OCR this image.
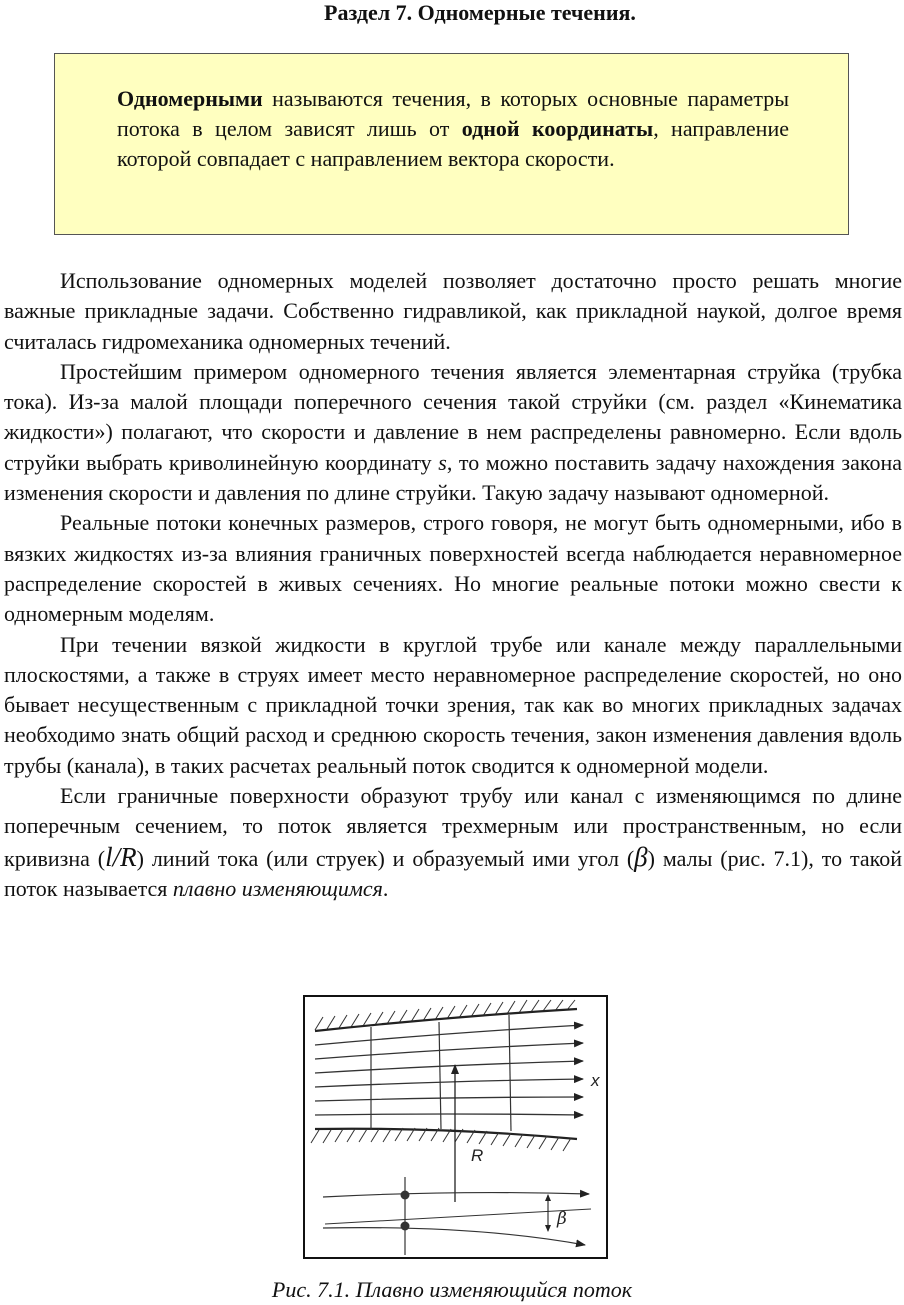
Раздел 7. Одномерные течения.
Одномерными называются течения, в которых основные параметры потока в целом зависят лишь от одной координаты, направление которой совпадает с направлением вектора скорости.

Использование одномерных моделей позволяет достаточно просто решать многие важные прикладные задачи. Собственно гидравликой, как прикладной наукой, долгое время считалась гидромеханика одномерных течений.

Простейшим примером одномерного течения является элементарная струйка (трубка тока). Из-за малой площади поперечного сечения такой струйки (см. раздел «Кинематика жидкости») полагают, что скорости и давление в нем распределены равномерно. Если вдоль струйки выбрать криволинейную координату s, то можно поставить задачу нахождения закона изменения скорости и давления по длине струйки. Такую задачу называют одномерной.

Реальные потоки конечных размеров, строго говоря, не могут быть одномерными, ибо в вязких жидкостях из-за влияния граничных поверхностей всегда наблюдается неравномерное распределение скоростей в живых сечениях. Но многие реальные потоки можно свести к одномерным моделям.

При течении вязкой жидкости в круглой трубе или канале между параллельными плоскостями, а также в струях имеет место неравномерное распределение скоростей, но оно бывает несущественным с прикладной точки зрения, так как во многих прикладных задачах необходимо знать общий расход и среднюю скорость течения, закон изменения давления вдоль трубы (канала), в таких расчетах реальный поток сводится к одномерной модели.

Если граничные поверхности образуют трубу или канал с изменяющимся по длине поперечным сечением, то поток является трехмерным или пространственным, но если кривизна (l/R) линий тока (или струек) и образуемый ими угол (β) малы (рис. 7.1), то такой поток называется плавно изменяющимся.

x
R
β
Рис. 7.1. Плавно изменяющийся поток
